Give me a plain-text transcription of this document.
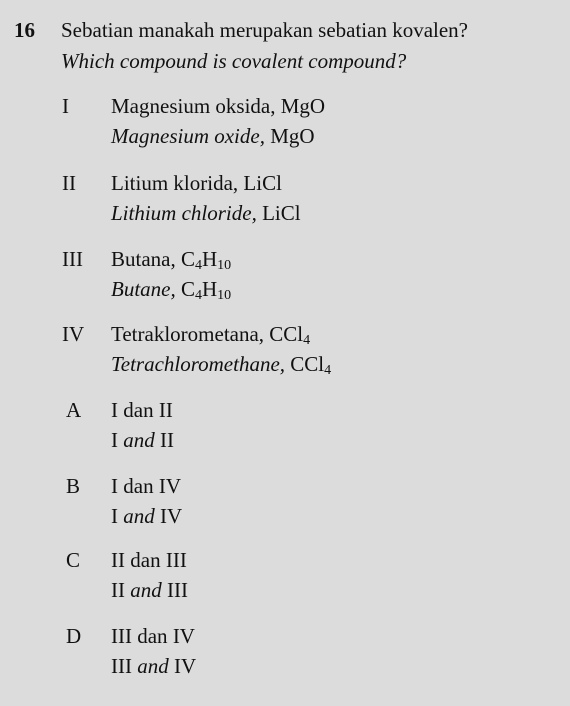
16 Sebatian manakah merupakan sebatian kovalen?
Which compound is covalent compound?
I	Magnesium oksida, MgO
Magnesium oxide, MgO
II	Litium klorida, LiCl
Lithium chloride, LiCl
III	Butana, $C_4H_{10}$
Butane, $C_4H_{10}$
IV	Tetraklorometana, CCl$_4$
Tetrachloromethane, CCl$_4$
A	I dan II
I and II
B	I dan IV
I and IV
C	II dan III
II and III
D	III dan IV
III and IV
